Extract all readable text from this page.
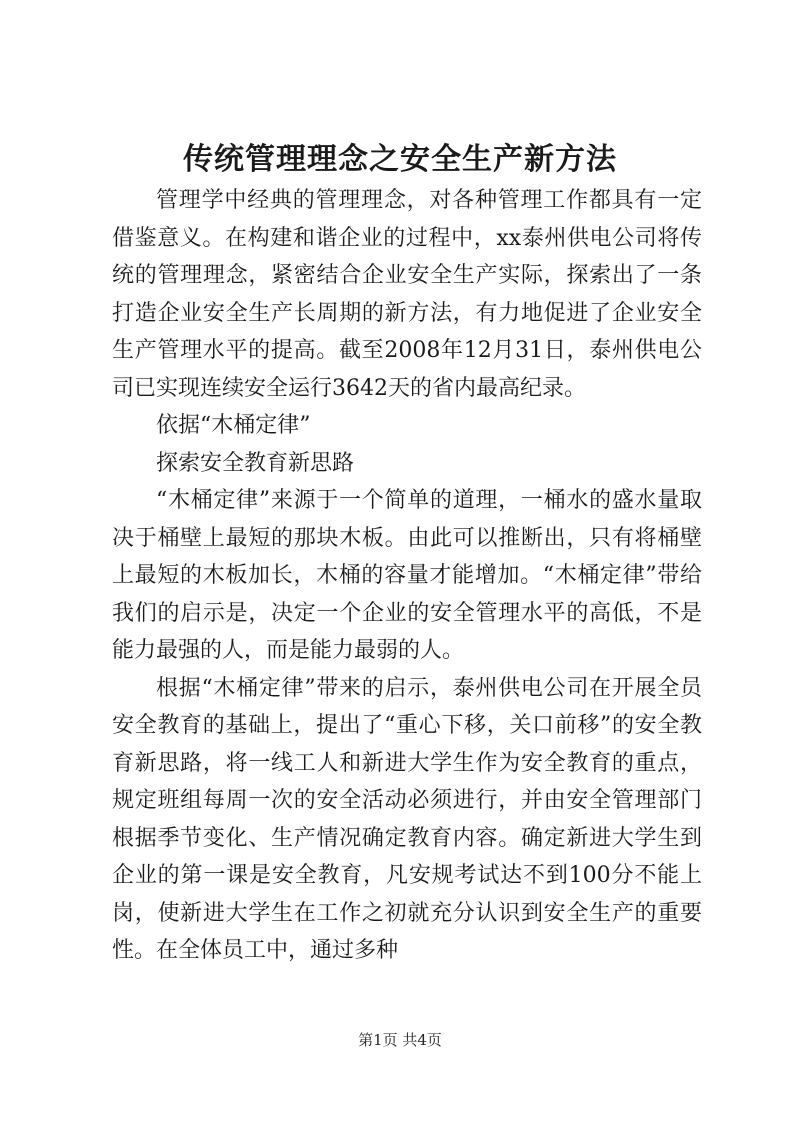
传统管理理念之安全生产新方法

管理学中经典的管理理念，对各种管理工作都具有一定借鉴意义。在构建和谐企业的过程中，xx泰州供电公司将传统的管理理念，紧密结合企业安全生产实际，探索出了一条打造企业安全生产长周期的新方法，有力地促进了企业安全生产管理水平的提高。截至2008年12月31日，泰州供电公司已实现连续安全运行3642天的省内最高纪录。

依据“木桶定律”

探索安全教育新思路

“木桶定律”来源于一个简单的道理，一桶水的盛水量取决于桶壁上最短的那块木板。由此可以推断出，只有将桶壁上最短的木板加长，木桶的容量才能增加。“木桶定律”带给我们的启示是，决定一个企业的安全管理水平的高低，不是能力最强的人，而是能力最弱的人。

根据“木桶定律”带来的启示，泰州供电公司在开展全员安全教育的基础上，提出了“重心下移，关口前移”的安全教育新思路，将一线工人和新进大学生作为安全教育的重点，规定班组每周一次的安全活动必须进行，并由安全管理部门根据季节变化、生产情况确定教育内容。确定新进大学生到企业的第一课是安全教育，凡安规考试达不到100分不能上岗，使新进大学生在工作之初就充分认识到安全生产的重要性。在全体员工中，通过多种

第1页 共4页
